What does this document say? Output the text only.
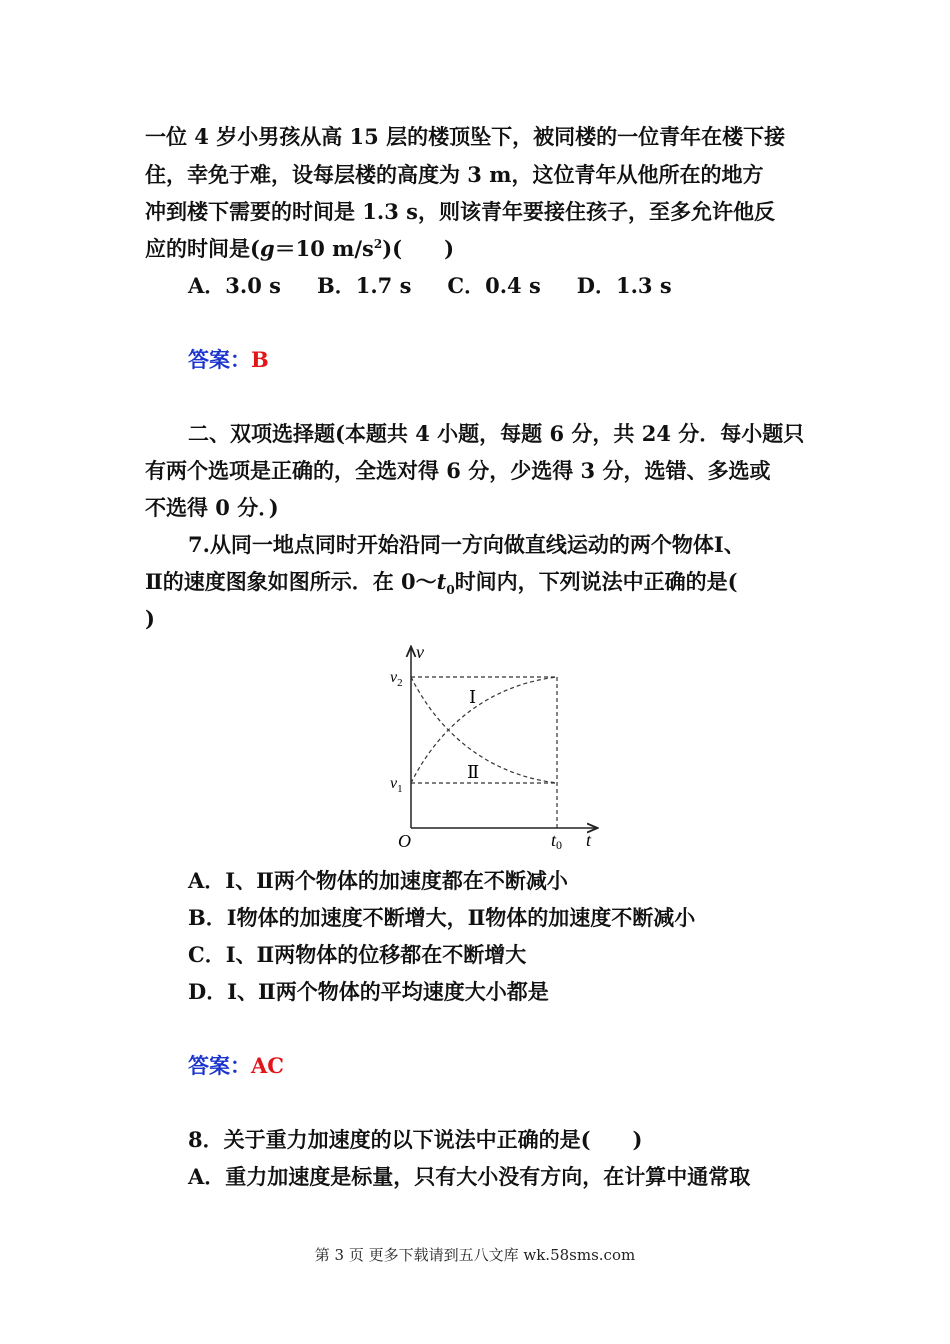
一位 4 岁小男孩从高 15 层的楼顶坠下，被同楼的一位青年在楼下接
住，幸免于难，设每层楼的高度为 3 m，这位青年从他所在的地方
冲到楼下需要的时间是 1.3 s，则该青年要接住孩子，至多允许他反
应的时间是(g＝10 $m/s^2$)(　　)
A．3.0 s B．1.7 s C．0.4 s D．1.3 s
答案：B
二、双项选择题(本题共 4 小题，每题 6 分，共 24 分．每小题只
有两个选项是正确的，全选对得 6 分，少选得 3 分，选错、多选或
不选得 0 分．)
7.从同一地点同时开始沿同一方向做直线运动的两个物体Ⅰ、
Ⅱ的速度图象如图所示．在 $0\sim t_0$时间内，下列说法中正确的是(
)
v
t
O
$v_2$
$v_1$
t0
Ⅰ
Ⅱ
A．Ⅰ、Ⅱ两个物体的加速度都在不断减小
B．Ⅰ物体的加速度不断增大，Ⅱ物体的加速度不断减小
C．Ⅰ、Ⅱ两物体的位移都在不断增大
D．Ⅰ、Ⅱ两个物体的平均速度大小都是
答案：AC
8．关于重力加速度的以下说法中正确的是(　　)
A．重力加速度是标量，只有大小没有方向，在计算中通常取
第 3 页 更多下载请到五八文库 wk.58sms.com
